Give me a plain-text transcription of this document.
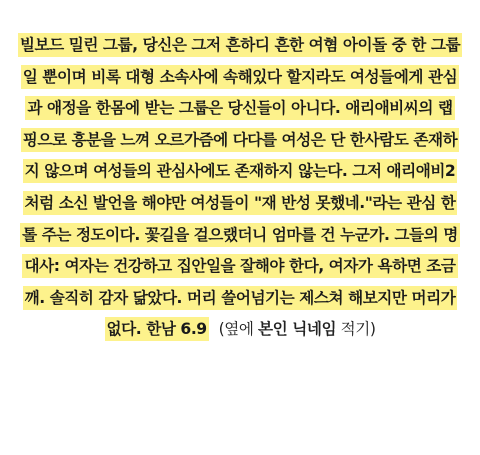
빌보드 밀린 그룹, 당신은 그저 흔하디 흔한 여혐 아이돌 중 한 그룹
일 뿐이며 비록 대형 소속사에 속해있다 할지라도 여성들에게 관심
과 애정을 한몸에 받는 그룹은 당신들이 아니다. 애리애비씨의 랩
핑으로 흥분을 느껴 오르가즘에 다다를 여성은 단 한사람도 존재하
지 않으며 여성들의 관심사에도 존재하지 않는다. 그저 애리애비2
처럼 소신 발언을 해야만 여성들이 "재 반성 못했네."라는 관심 한
톨 주는 정도이다. 꽃길을 걸으랬더니 엄마를 건 누군가. 그들의 명
대사: 여자는 건강하고 집안일을 잘해야 한다, 여자가 욕하면 조금
깨. 솔직히 감자 닮았다. 머리 쓸어넘기는 제스쳐 해보지만 머리가
없다. 한남 6.9 (옆에 본인 닉네임 적기)
